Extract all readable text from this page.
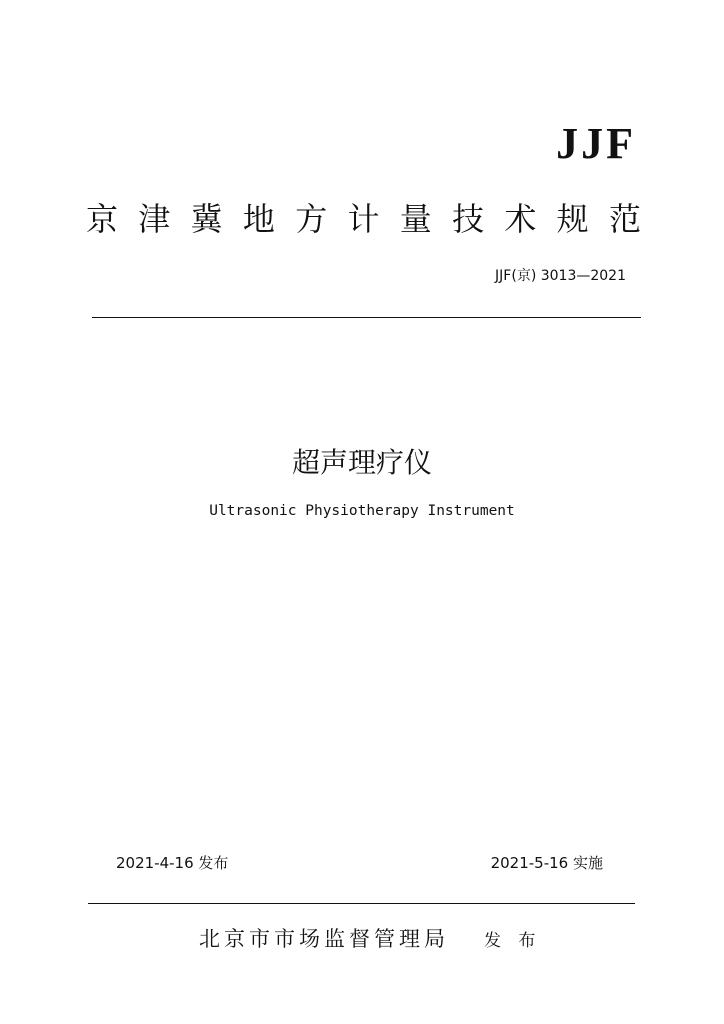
JJF
京 津 冀 地 方 计 量 技 术 规 范
JJF(京) 3013—2021
超声理疗仪
Ultrasonic Physiotherapy Instrument
2021-4-16 发布	2021-5-16 实施
北京市市场监督管理局 发 布
